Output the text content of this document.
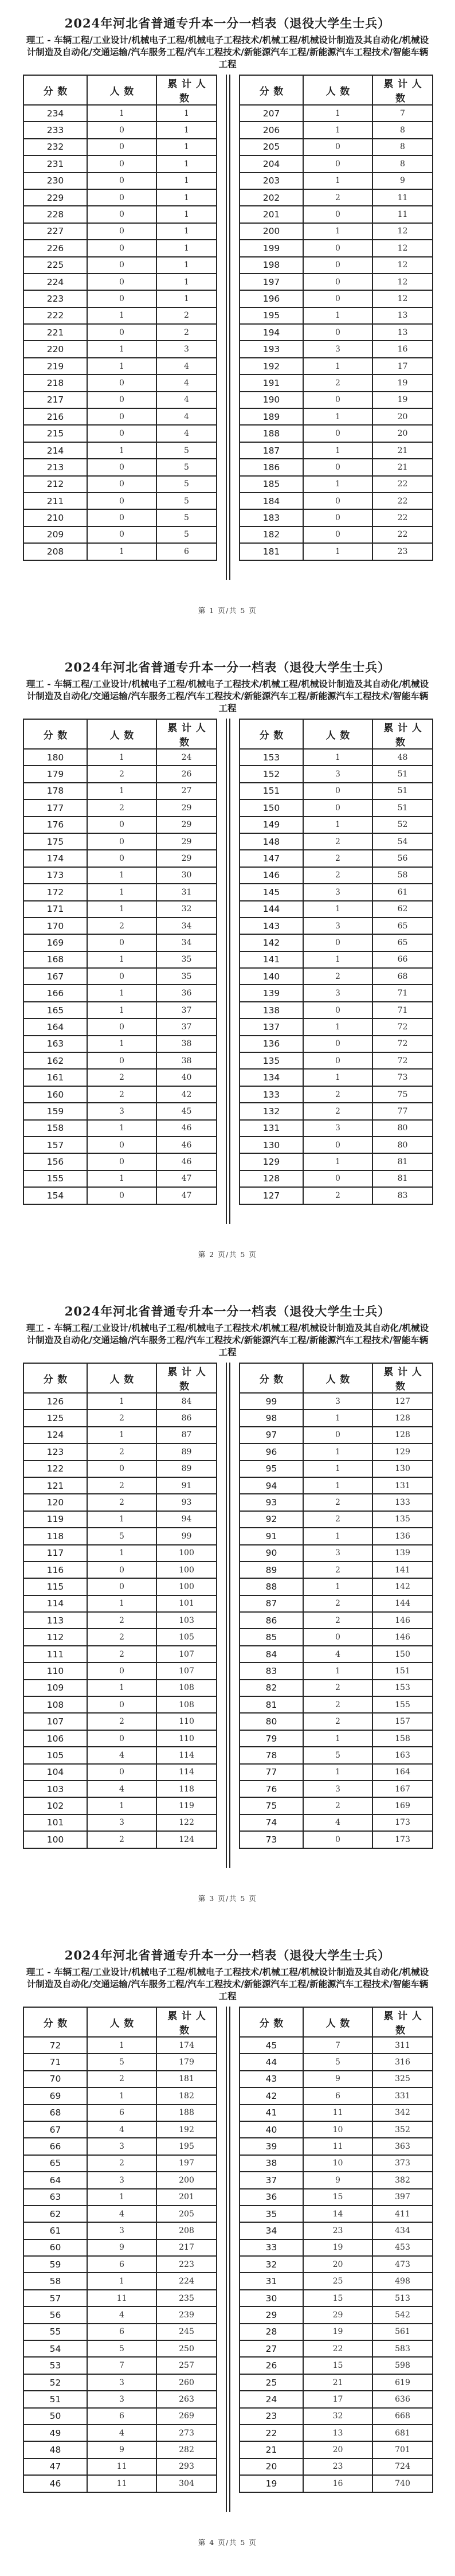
2024年河北省普通专升本一分一档表（退役大学生士兵）
理工 - 车辆工程/工业设计/机械电子工程/机械电子工程技术/机械工程/机械设计制造及其自动化/机械设计制造及自动化/交通运输/汽车服务工程/汽车工程技术/新能源汽车工程/新能源汽车工程技术/智能车辆工程
分数	人数	累计人数
234	1	1
233	0	1
232	0	1
231	0	1
230	0	1
229	0	1
228	0	1
227	0	1
226	0	1
225	0	1
224	0	1
223	0	1
222	1	2
221	0	2
220	1	3
219	1	4
218	0	4
217	0	4
216	0	4
215	0	4
214	1	5
213	0	5
212	0	5
211	0	5
210	0	5
209	0	5
208	1	6
分数	人数	累计人数
207	1	7
206	1	8
205	0	8
204	0	8
203	1	9
202	2	11
201	0	11
200	1	12
199	0	12
198	0	12
197	0	12
196	0	12
195	1	13
194	0	13
193	3	16
192	1	17
191	2	19
190	0	19
189	1	20
188	0	20
187	1	21
186	0	21
185	1	22
184	0	22
183	0	22
182	0	22
181	1	23
第 1 页/共 5 页
2024年河北省普通专升本一分一档表（退役大学生士兵）
理工 - 车辆工程/工业设计/机械电子工程/机械电子工程技术/机械工程/机械设计制造及其自动化/机械设计制造及自动化/交通运输/汽车服务工程/汽车工程技术/新能源汽车工程/新能源汽车工程技术/智能车辆工程
分数	人数	累计人数
180	1	24
179	2	26
178	1	27
177	2	29
176	0	29
175	0	29
174	0	29
173	1	30
172	1	31
171	1	32
170	2	34
169	0	34
168	1	35
167	0	35
166	1	36
165	1	37
164	0	37
163	1	38
162	0	38
161	2	40
160	2	42
159	3	45
158	1	46
157	0	46
156	0	46
155	1	47
154	0	47
分数	人数	累计人数
153	1	48
152	3	51
151	0	51
150	0	51
149	1	52
148	2	54
147	2	56
146	2	58
145	3	61
144	1	62
143	3	65
142	0	65
141	1	66
140	2	68
139	3	71
138	0	71
137	1	72
136	0	72
135	0	72
134	1	73
133	2	75
132	2	77
131	3	80
130	0	80
129	1	81
128	0	81
127	2	83
第 2 页/共 5 页
2024年河北省普通专升本一分一档表（退役大学生士兵）
理工 - 车辆工程/工业设计/机械电子工程/机械电子工程技术/机械工程/机械设计制造及其自动化/机械设计制造及自动化/交通运输/汽车服务工程/汽车工程技术/新能源汽车工程/新能源汽车工程技术/智能车辆工程
分数	人数	累计人数
126	1	84
125	2	86
124	1	87
123	2	89
122	0	89
121	2	91
120	2	93
119	1	94
118	5	99
117	1	100
116	0	100
115	0	100
114	1	101
113	2	103
112	2	105
111	2	107
110	0	107
109	1	108
108	0	108
107	2	110
106	0	110
105	4	114
104	0	114
103	4	118
102	1	119
101	3	122
100	2	124
分数	人数	累计人数
99	3	127
98	1	128
97	0	128
96	1	129
95	1	130
94	1	131
93	2	133
92	2	135
91	1	136
90	3	139
89	2	141
88	1	142
87	2	144
86	2	146
85	0	146
84	4	150
83	1	151
82	2	153
81	2	155
80	2	157
79	1	158
78	5	163
77	1	164
76	3	167
75	2	169
74	4	173
73	0	173
第 3 页/共 5 页
2024年河北省普通专升本一分一档表（退役大学生士兵）
理工 - 车辆工程/工业设计/机械电子工程/机械电子工程技术/机械工程/机械设计制造及其自动化/机械设计制造及自动化/交通运输/汽车服务工程/汽车工程技术/新能源汽车工程/新能源汽车工程技术/智能车辆工程
分数	人数	累计人数
72	1	174
71	5	179
70	2	181
69	1	182
68	6	188
67	4	192
66	3	195
65	2	197
64	3	200
63	1	201
62	4	205
61	3	208
60	9	217
59	6	223
58	1	224
57	11	235
56	4	239
55	6	245
54	5	250
53	7	257
52	3	260
51	3	263
50	6	269
49	4	273
48	9	282
47	11	293
46	11	304
分数	人数	累计人数
45	7	311
44	5	316
43	9	325
42	6	331
41	11	342
40	10	352
39	11	363
38	10	373
37	9	382
36	15	397
35	14	411
34	23	434
33	19	453
32	20	473
31	25	498
30	15	513
29	29	542
28	19	561
27	22	583
26	15	598
25	21	619
24	17	636
23	32	668
22	13	681
21	20	701
20	23	724
19	16	740
第 4 页/共 5 页
